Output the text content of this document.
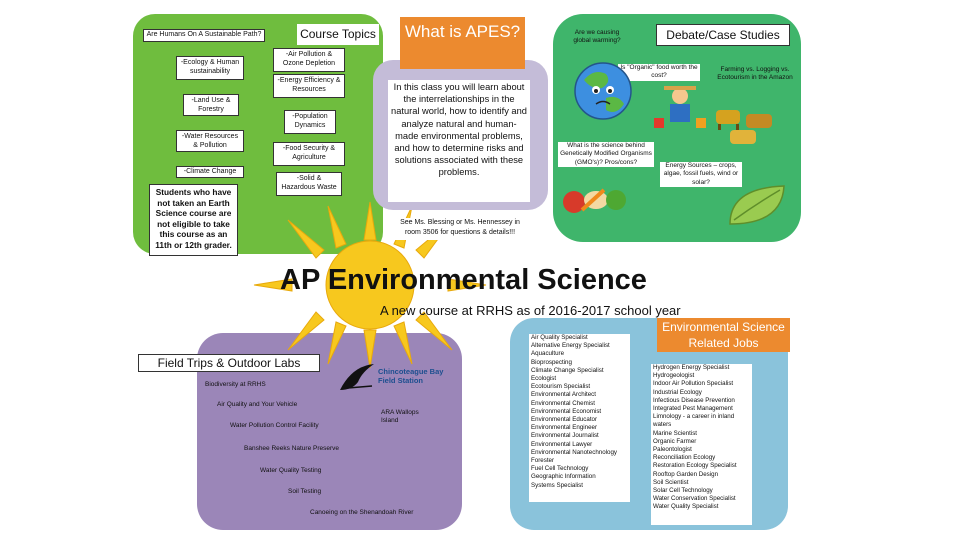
Are Humans On A Sustainable Path?	Course Topics
-Ecology & Human sustainability
-Land Use & Forestry
-Water Resources & Pollution
-Climate Change
-Air Pollution & Ozone Depletion
-Energy Efficiency & Resources
-Population Dynamics
-Food Security & Agriculture
-Solid & Hazardous Waste
Students who have not taken an Earth Science course are not eligible to take this course as an 11th or 12th grader.
What is APES?
In this class you will learn about the interrelationships in the natural world, how to identify and analyze natural and human-made environmental problems, and how to determine risks and solutions associated with these problems.
See Ms. Blessing or Ms. Hennessey in room 3506 for questions & details!!!
Debate/Case Studies
Are we causing global warming?
Is "Organic" food worth the cost?
Farming vs. Logging vs. Ecotourism in the Amazon
What is the science behind Genetically Modified Organisms (GMO's)? Pros/cons?	Energy Sources – crops, algae, fossil fuels, wind or solar?
AP Environmental Science
A new course at RRHS as of 2016-2017 school year
Field Trips & Outdoor Labs
Chincoteague Bay Field Station
Biodiversity at RRHS
Air Quality and Your Vehicle
Water Pollution Control Facility
Banshee Reeks Nature Preserve
Water Quality Testing
Soil Testing
Canoeing on the Shenandoah River
ARA Wallops Island
Environmental Science Related Jobs
Air Quality Specialist
Alternative Energy Specialist
Aquaculture
Bioprospecting
Climate Change Specialist
Ecologist
Ecotourism Specialist
Environmental Architect
Environmental Chemist
Environmental Economist
Environmental Educator
Environmental Engineer
Environmental Journalist
Environmental Lawyer
Environmental Nanotechnology
Forester
Fuel Cell Technology
Geographic Information Systems Specialist
Hydrogen Energy Specialist
Hydrogeologist
Indoor Air Pollution Specialist
Industrial Ecology
Infectious Disease Prevention
Integrated Pest Management
Limnology - a career in inland waters
Marine Scientist
Organic Farmer
Paleontologist
Reconciliation Ecology
Restoration Ecology Specialist
Rooftop Garden Design
Soil Scientist
Solar Cell Technology
Water Conservation Specialist
Water Quality Specialist
